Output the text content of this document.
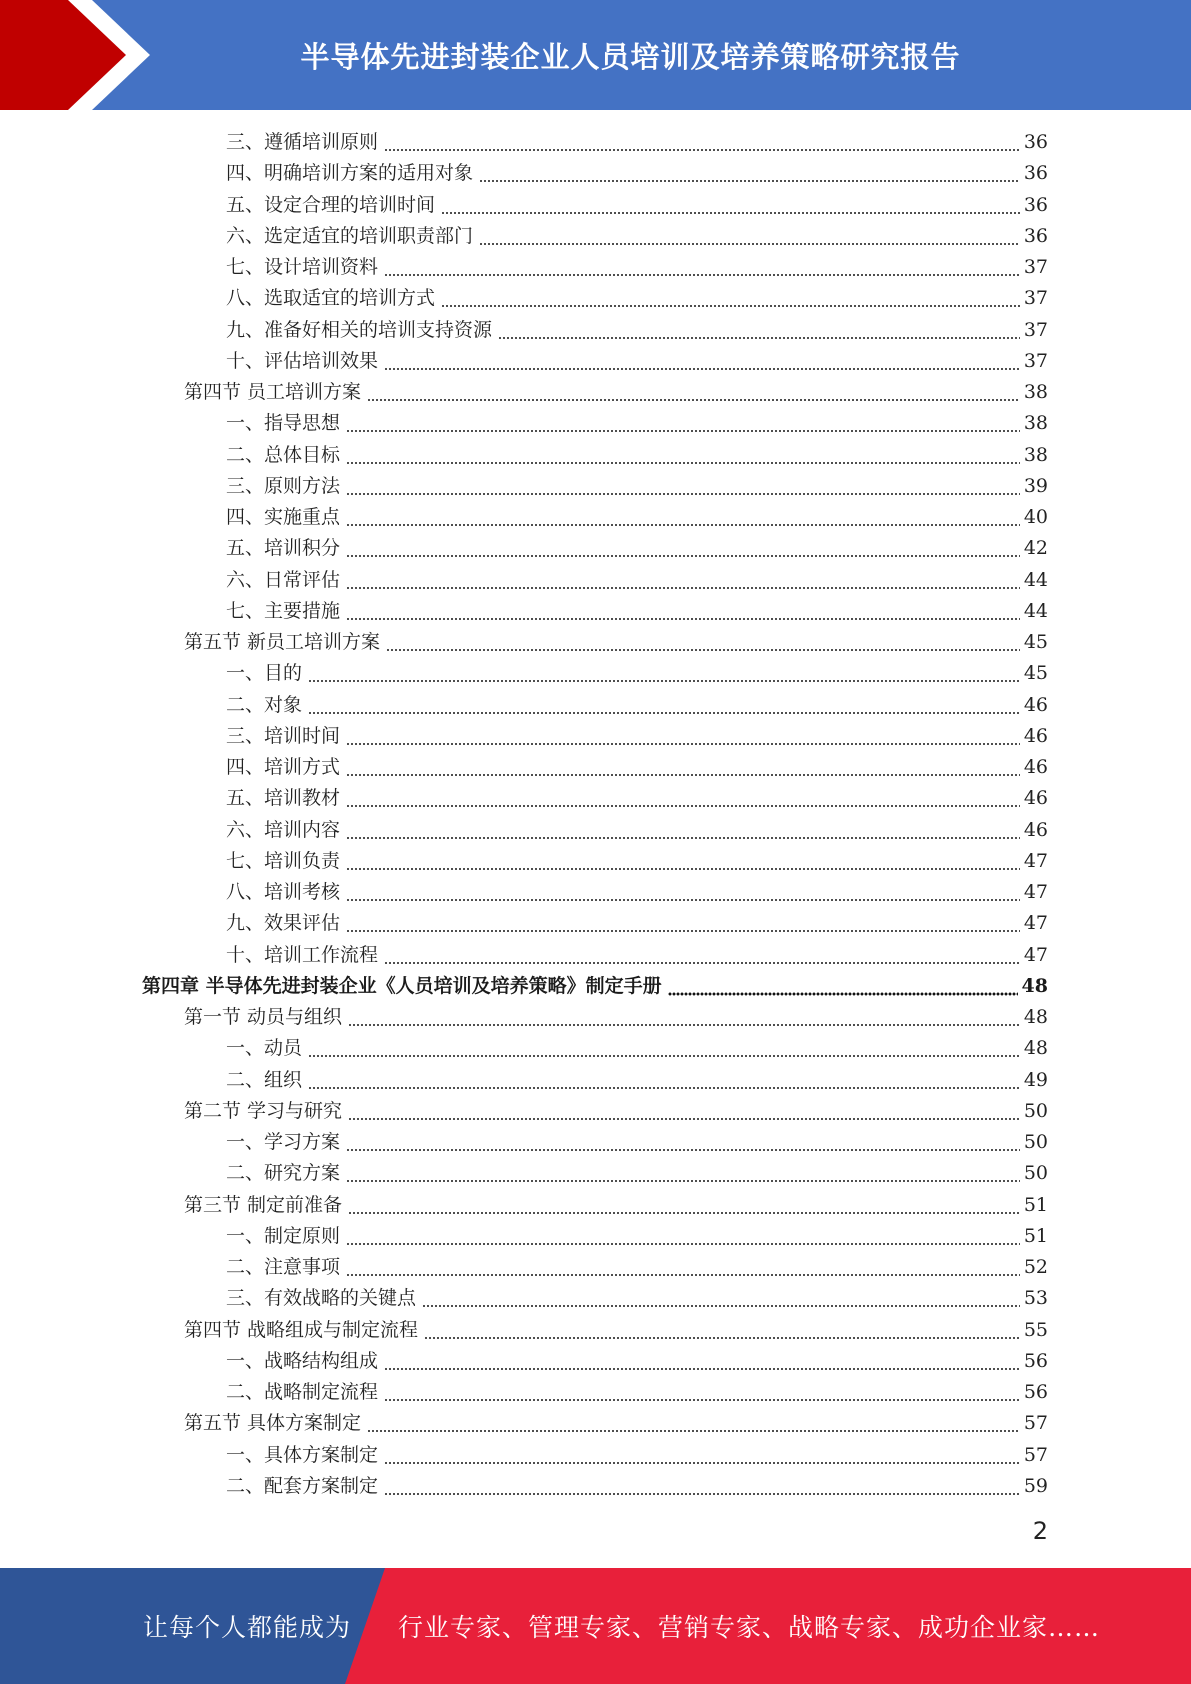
半导体先进封装企业人员培训及培养策略研究报告
三、遵循培训原则	36
四、明确培训方案的适用对象	36
五、设定合理的培训时间	36
六、选定适宜的培训职责部门	36
七、设计培训资料	37
八、选取适宜的培训方式	37
九、准备好相关的培训支持资源	37
十、评估培训效果	37
第四节 员工培训方案	38
一、指导思想	38
二、总体目标	38
三、原则方法	39
四、实施重点	40
五、培训积分	42
六、日常评估	44
七、主要措施	44
第五节 新员工培训方案	45
一、目的	45
二、对象	46
三、培训时间	46
四、培训方式	46
五、培训教材	46
六、培训内容	46
七、培训负责	47
八、培训考核	47
九、效果评估	47
十、培训工作流程	47
第四章 半导体先进封装企业《人员培训及培养策略》制定手册	48
第一节 动员与组织	48
一、动员	48
二、组织	49
第二节 学习与研究	50
一、学习方案	50
二、研究方案	50
第三节 制定前准备	51
一、制定原则	51
二、注意事项	52
三、有效战略的关键点	53
第四节 战略组成与制定流程	55
一、战略结构组成	56
二、战略制定流程	56
第五节 具体方案制定	57
一、具体方案制定	57
二、配套方案制定	59
2
让每个人都能成为 行业专家、管理专家、营销专家、战略专家、成功企业家……
